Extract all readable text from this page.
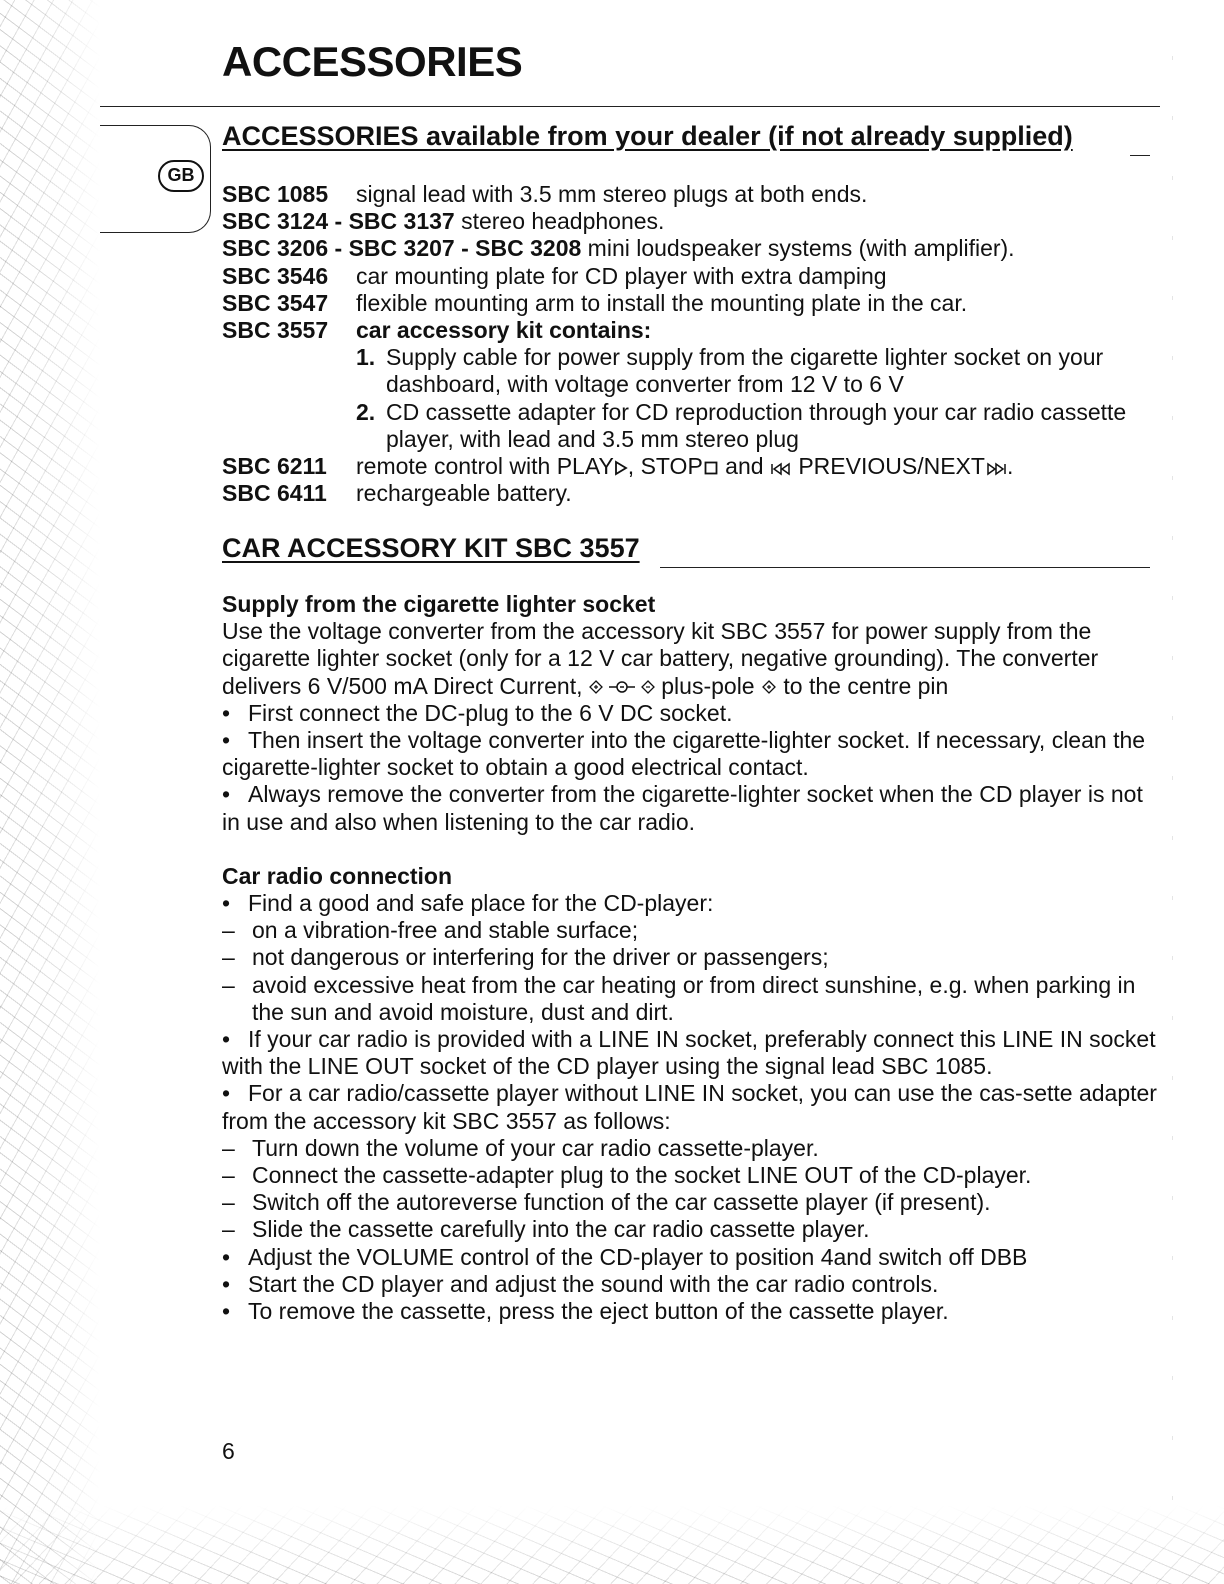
ACCESSORIES
GB
ACCESSORIES available from your dealer (if not already supplied)
SBC 1085	signal lead with 3.5 mm stereo plugs at both ends.
SBC 3124 - SBC 3137 stereo headphones.
SBC 3206 - SBC 3207 - SBC 3208 mini loudspeaker systems (with amplifier).
SBC 3546	car mounting plate for CD player with extra damping
SBC 3547	flexible mounting arm to install the mounting plate in the car.
SBC 3557	car accessory kit contains:
1. Supply cable for power supply from the cigarette lighter socket on your dashboard, with voltage converter from 12 V to 6 V
2. CD cassette adapter for CD reproduction through your car radio cassette player, with lead and 3.5 mm stereo plug
SBC 6211	remote control with PLAY , STOP and  PREVIOUS/NEXT .
SBC 6411	rechargeable battery.
CAR ACCESSORY KIT SBC 3557
Supply from the cigarette lighter socket
Use the voltage converter from the accessory kit SBC 3557 for power supply from the cigarette lighter socket (only for a 12 V car battery, negative grounding). The converter delivers 6 V/500 mA Direct Current,	plus-pole  to the centre pin
• First connect the DC-plug to the 6 V DC socket.
• Then insert the voltage converter into the cigarette-lighter socket. If necessary, clean the cigarette-lighter socket to obtain a good electrical contact.
• Always remove the converter from the cigarette-lighter socket when the CD player is not in use and also when listening to the car radio.
Car radio connection
• Find a good and safe place for the CD-player:
– on a vibration-free and stable surface;
– not dangerous or interfering for the driver or passengers;
– avoid excessive heat from the car heating or from direct sunshine, e.g. when parking in the sun and avoid moisture, dust and dirt.
• If your car radio is provided with a LINE IN socket, preferably connect this LINE IN socket with the LINE OUT socket of the CD player using the signal lead SBC 1085.
• For a car radio/cassette player without LINE IN socket, you can use the cas-sette adapter from the accessory kit SBC 3557 as follows:
– Turn down the volume of your car radio cassette-player.
– Connect the cassette-adapter plug to the socket LINE OUT of the CD-player.
– Switch off the autoreverse function of the car cassette player (if present).
– Slide the cassette carefully into the car radio cassette player.
• Adjust the VOLUME control of the CD-player to position 4and switch off DBB
• Start the CD player and adjust the sound with the car radio controls.
• To remove the cassette, press the eject button of the cassette player.
6
